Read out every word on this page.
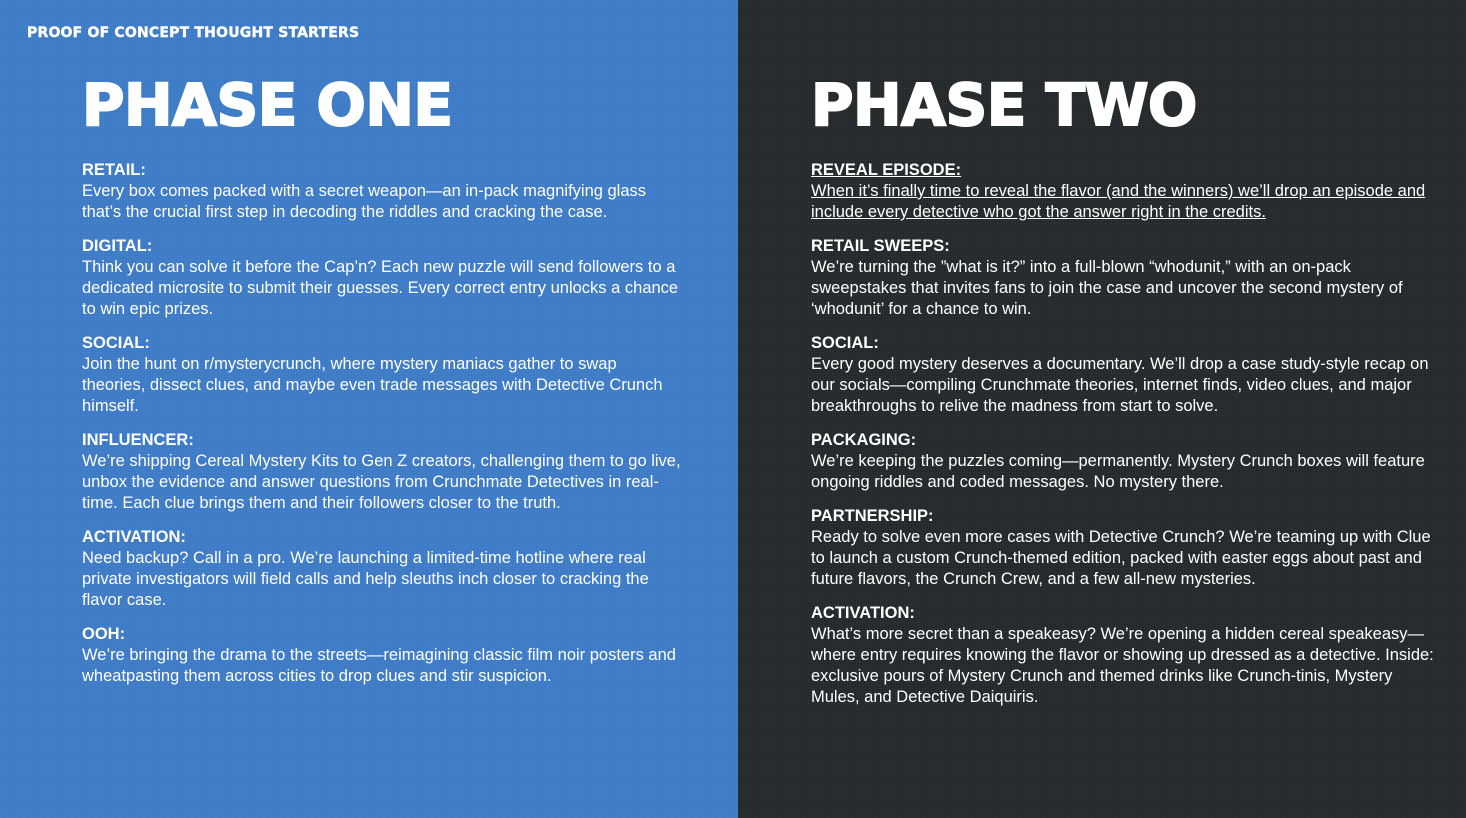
PROOF OF CONCEPT THOUGHT STARTERS
PHASE ONE	PHASE TWO
RETAIL:
Every box comes packed with a secret weapon—an in-pack magnifying glass that’s the crucial first step in decoding the riddles and cracking the case.
DIGITAL:
Think you can solve it before the Cap’n? Each new puzzle will send followers to a dedicated microsite to submit their guesses. Every correct entry unlocks a chance to win epic prizes.
SOCIAL:
Join the hunt on r/mysterycrunch, where mystery maniacs gather to swap theories, dissect clues, and maybe even trade messages with Detective Crunch himself.
INFLUENCER:
We’re shipping Cereal Mystery Kits to Gen Z creators, challenging them to go live, unbox the evidence and answer questions from Crunchmate Detectives in real-time. Each clue brings them and their followers closer to the truth.
ACTIVATION:
Need backup? Call in a pro. We’re launching a limited-time hotline where real private investigators will field calls and help sleuths inch closer to cracking the flavor case.
OOH:
We’re bringing the drama to the streets—reimagining classic film noir posters and wheatpasting them across cities to drop clues and stir suspicion.
REVEAL EPISODE:
When it’s finally time to reveal the flavor (and the winners) we’ll drop an episode and include every detective who got the answer right in the credits.
RETAIL SWEEPS:
We’re turning the ”what is it?” into a full-blown “whodunit,” with an on-pack sweepstakes that invites fans to join the case and uncover the second mystery of ‘whodunit’ for a chance to win.
SOCIAL:
Every good mystery deserves a documentary. We’ll drop a case study-style recap on our socials—compiling Crunchmate theories, internet finds, video clues, and major breakthroughs to relive the madness from start to solve.
PACKAGING:
We’re keeping the puzzles coming—permanently. Mystery Crunch boxes will feature ongoing riddles and coded messages. No mystery there.
PARTNERSHIP:
Ready to solve even more cases with Detective Crunch? We’re teaming up with Clue to launch a custom Crunch-themed edition, packed with easter eggs about past and future flavors, the Crunch Crew, and a few all-new mysteries.
ACTIVATION:
What’s more secret than a speakeasy? We’re opening a hidden cereal speakeasy—where entry requires knowing the flavor or showing up dressed as a detective. Inside: exclusive pours of Mystery Crunch and themed drinks like Crunch-tinis, Mystery Mules, and Detective Daiquiris.
